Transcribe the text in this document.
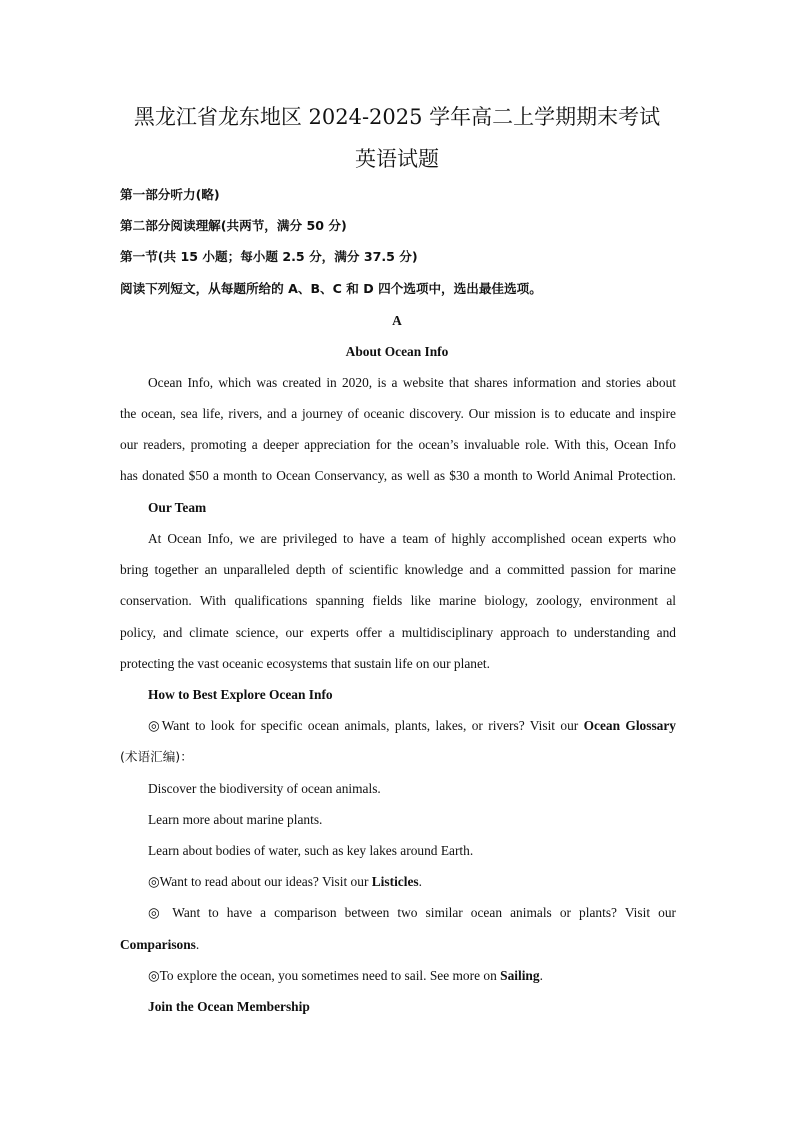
黑龙江省龙东地区 2024-2025 学年高二上学期期末考试
英语试题
第一部分听力(略)
第二部分阅读理解(共两节，满分 50 分)
第一节(共 15 小题；每小题 2.5 分，满分 37.5 分)
阅读下列短文，从每题所给的 A、B、C 和 D 四个选项中，选出最佳选项。
A
About Ocean Info
Ocean Info, which was created in 2020, is a website that shares information and stories about
the ocean, sea life, rivers, and a journey of oceanic discovery. Our mission is to educate and inspire
our readers, promoting a deeper appreciation for the ocean’s invaluable role. With this, Ocean Info
has donated $50 a month to Ocean Conservancy, as well as $30 a month to World Animal Protection.
Our Team
At Ocean Info, we are privileged to have a team of highly accomplished ocean experts who
bring together an unparalleled depth of scientific knowledge and a committed passion for marine
conservation. With qualifications spanning fields like marine biology, zoology, environment al
policy, and climate science, our experts offer a multidisciplinary approach to understanding and
protecting the vast oceanic ecosystems that sustain life on our planet.
How to Best Explore Ocean Info
◎Want to look for specific ocean animals, plants, lakes, or rivers? Visit our Ocean Glossary
(术语汇编)：
Discover the biodiversity of ocean animals.
Learn more about marine plants.
Learn about bodies of water, such as key lakes around Earth.
◎Want to read about our ideas? Visit our Listicles.
◎ Want to have a comparison between two similar ocean animals or plants? Visit our
Comparisons.
◎To explore the ocean, you sometimes need to sail. See more on Sailing.
Join the Ocean Membership
